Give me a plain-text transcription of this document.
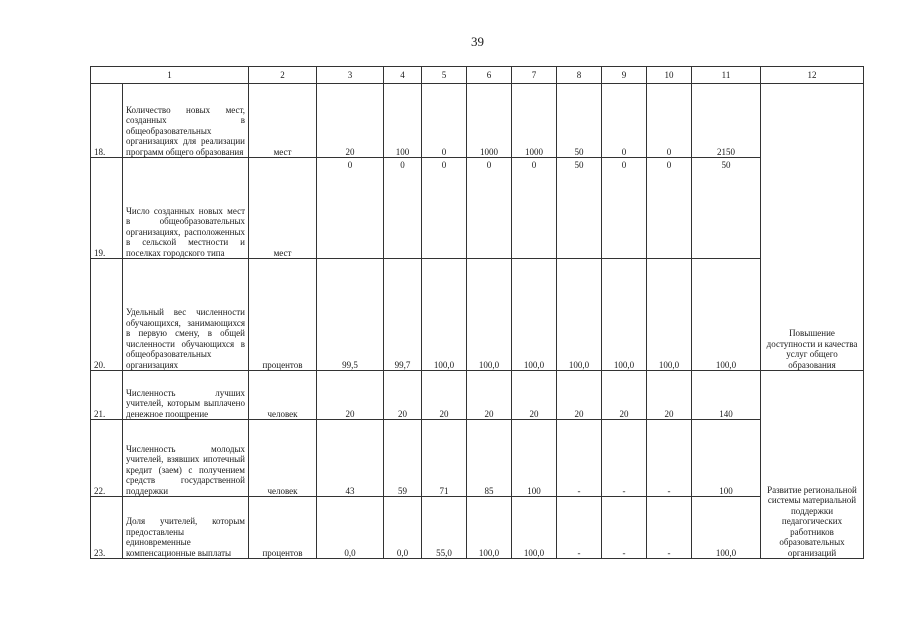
39
1		2	3	4	5	6	7	8	9	10	11	12
18.	Количество новых мест, созданных в общеобразовательных организациях для реализации программ общего образования	мест	20	100	0	1000	1000	50	0	0	2150	Повышение доступности и качества услуг общего образования
19.	Число созданных новых мест в общеобразовательных организациях, расположенных в сельской местности и поселках городского типа	мест	0	0	0	0	0	50	0	0	50	
20.	Удельный вес численности обучающихся, занимающихся в первую смену, в общей численности обучающихся в общеобразовательных организациях	процентов	99,5	99,7	100,0	100,0	100,0	100,0	100,0	100,0	100,0	
21.	Численность лучших учителей, которым выплачено денежное поощрение	человек	20	20	20	20	20	20	20	20	140	Развитие региональной системы материальной поддержки педагогических работников образовательных организаций
22.	Численность молодых учителей, взявших ипотечный кредит (заем) с получением средств государственной поддержки	человек	43	59	71	85	100	-	-	-	100	
23.	Доля учителей, которым предоставлены единовременные компенсационные выплаты	процентов	0,0	0,0	55,0	100,0	100,0	-	-	-	100,0	
